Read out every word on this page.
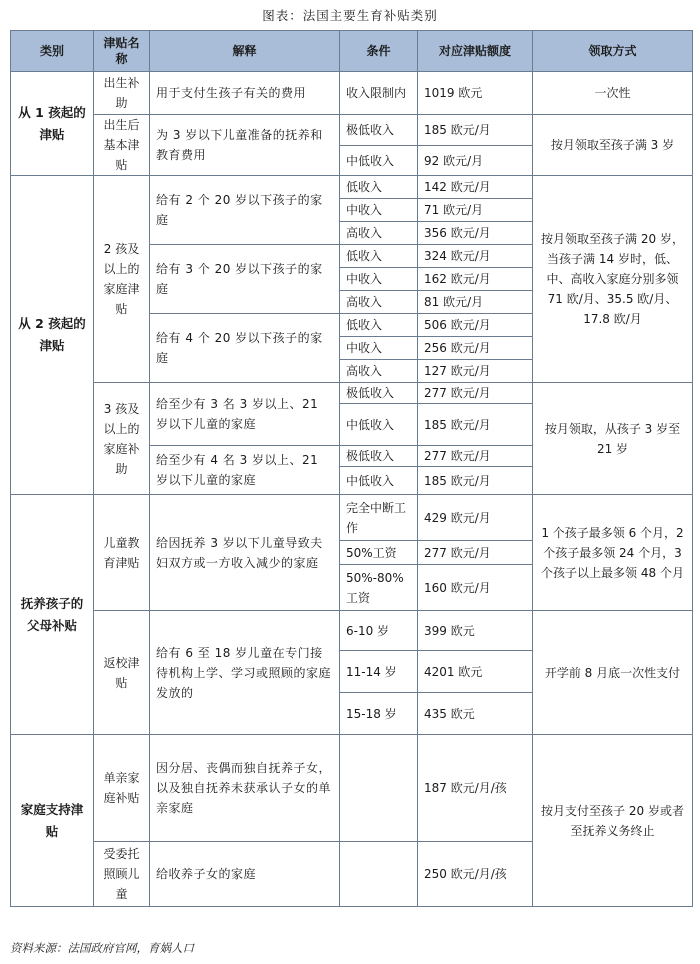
图表：法国主要生育补贴类别
类别	津贴名称	解释	条件	对应津贴额度	领取方式
从 1 孩起的津贴	出生补助	用于支付生孩子有关的费用	收入限制内	1019 欧元	一次性
	出生后基本津贴	为 3 岁以下儿童准备的抚养和教育费用	极低收入	185 欧元/月	按月领取至孩子满 3 岁
			中低收入	92 欧元/月	
从 2 孩起的津贴	2 孩及以上的家庭津贴	给有 2 个 20 岁以下孩子的家庭	低收入	142 欧元/月	按月领取至孩子满 20 岁，当孩子满 14 岁时，低、中、高收入家庭分别多领 71 欧/月、35.5 欧/月、17.8 欧/月
			中收入	71 欧元/月	
			高收入	356 欧元/月	
		给有 3 个 20 岁以下孩子的家庭	低收入	324 欧元/月	
			中收入	162 欧元/月	
			高收入	81 欧元/月	
		给有 4 个 20 岁以下孩子的家庭	低收入	506 欧元/月	
			中收入	256 欧元/月	
			高收入	127 欧元/月	
	3 孩及以上的家庭补助	给至少有 3 名 3 岁以上、21 岁以下儿童的家庭	极低收入	277 欧元/月	按月领取，从孩子 3 岁至 21 岁
			中低收入	185 欧元/月	
		给至少有 4 名 3 岁以上、21 岁以下儿童的家庭	极低收入	277 欧元/月	
			中低收入	185 欧元/月	
抚养孩子的父母补贴	儿童教育津贴	给因抚养 3 岁以下儿童导致夫妇双方或一方收入减少的家庭	完全中断工作	429 欧元/月	1 个孩子最多领 6 个月，2 个孩子最多领 24 个月，3 个孩子以上最多领 48 个月
			50%工资	277 欧元/月	
			50%-80% 工资	160 欧元/月	
	返校津贴	给有 6 至 18 岁儿童在专门接待机构上学、学习或照顾的家庭发放的	6-10 岁	399 欧元	开学前 8 月底一次性支付
			11-14 岁	4201 欧元	
			15-18 岁	435 欧元	
家庭支持津贴	单亲家庭补贴	因分居、丧偶而独自抚养子女，以及独自抚养未获承认子女的单亲家庭		187 欧元/月/孩	按月支付至孩子 20 岁或者至抚养义务终止
	受委托照顾儿童	给收养子女的家庭		250 欧元/月/孩	
资料来源：法国政府官网，育娲人口
